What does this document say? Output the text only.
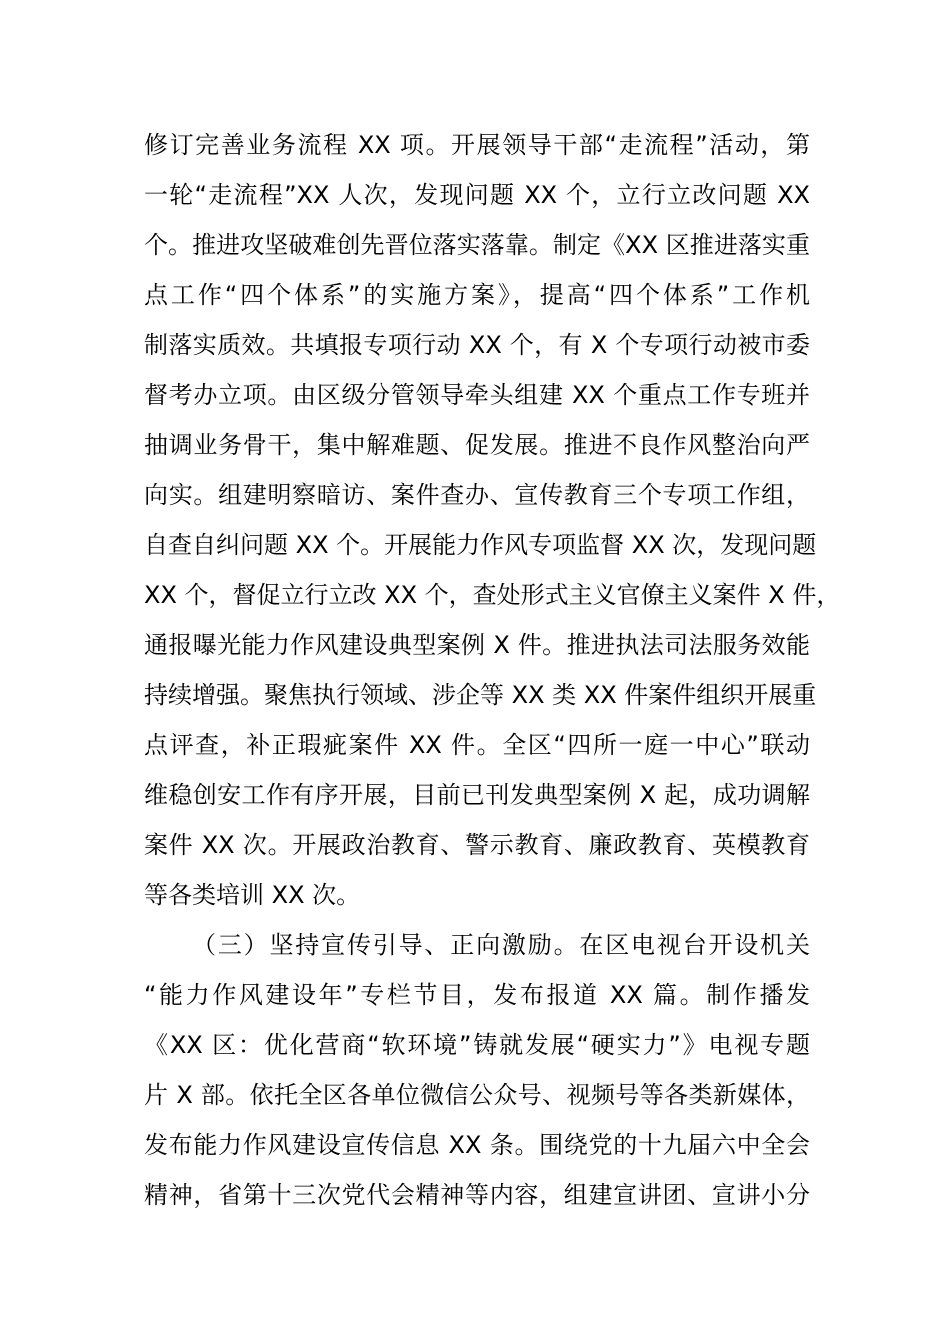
修订完善业务流程 XX 项。开展领导干部“走流程”活动，第
一轮“走流程”XX 人次，发现问题 XX 个，立行立改问题 XX
个。推进攻坚破难创先晋位落实落靠。制定《XX 区推进落实重
点工作“四个体系”的实施方案》，提高“四个体系”工作机
制落实质效。共填报专项行动 XX 个，有 X 个专项行动被市委
督考办立项。由区级分管领导牵头组建 XX 个重点工作专班并
抽调业务骨干，集中解难题、促发展。推进不良作风整治向严
向实。组建明察暗访、案件查办、宣传教育三个专项工作组，
自查自纠问题 XX 个。开展能力作风专项监督 XX 次，发现问题
XX 个，督促立行立改 XX 个，查处形式主义官僚主义案件 X 件，
通报曝光能力作风建设典型案例 X 件。推进执法司法服务效能
持续增强。聚焦执行领域、涉企等 XX 类 XX 件案件组织开展重
点评查，补正瑕疵案件 XX 件。全区“四所一庭一中心”联动
维稳创安工作有序开展，目前已刊发典型案例 X 起，成功调解
案件 XX 次。开展政治教育、警示教育、廉政教育、英模教育
等各类培训 XX 次。
（三）坚持宣传引导、正向激励。在区电视台开设机关
“能力作风建设年”专栏节目，发布报道 XX 篇。制作播发
《XX 区：优化营商“软环境”铸就发展“硬实力”》电视专题
片 X 部。依托全区各单位微信公众号、视频号等各类新媒体，
发布能力作风建设宣传信息 XX 条。围绕党的十九届六中全会
精神，省第十三次党代会精神等内容，组建宣讲团、宣讲小分
